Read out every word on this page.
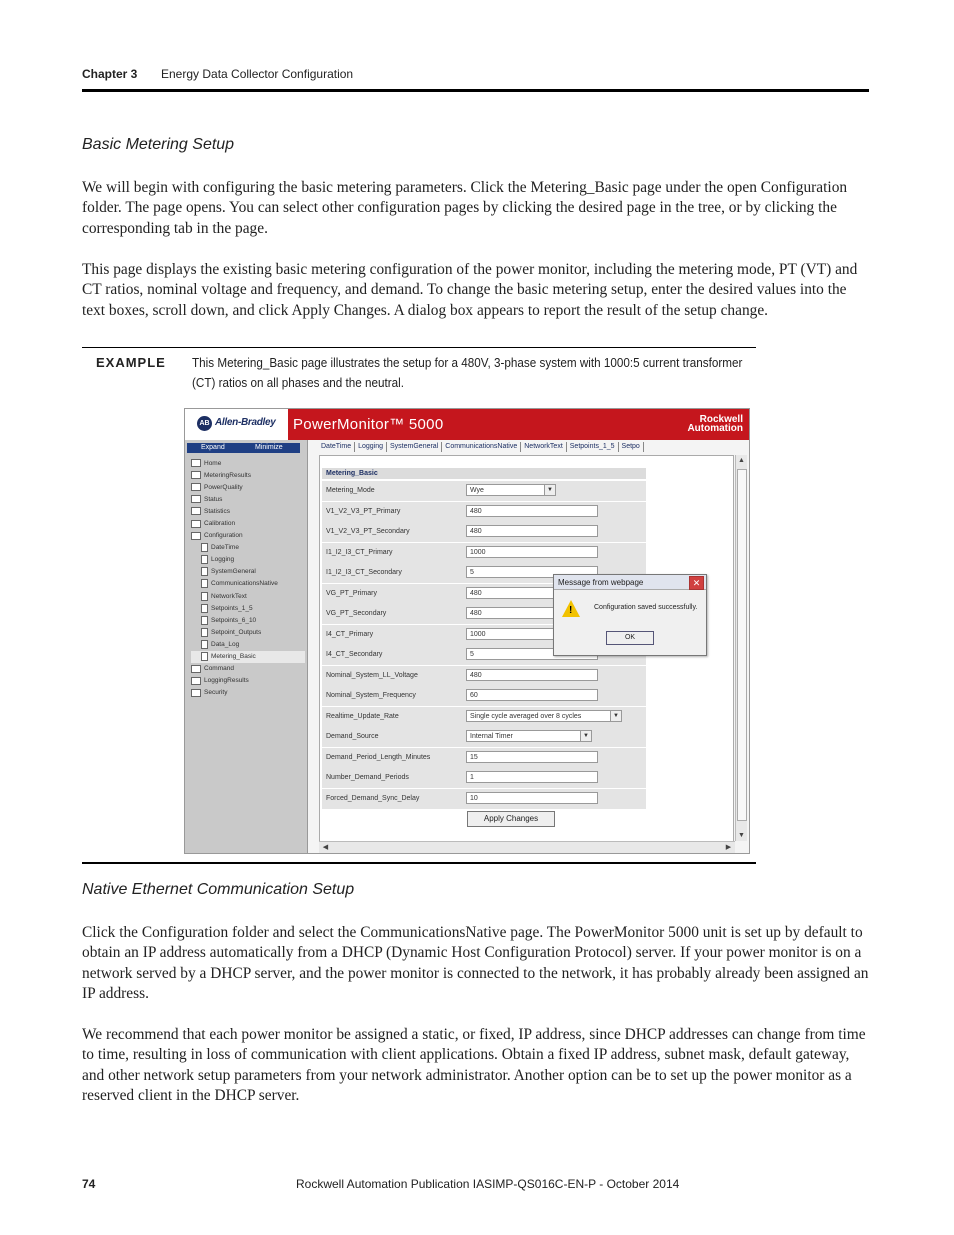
Chapter 3 Energy Data Collector Configuration
Basic Metering Setup
We will begin with configuring the basic metering parameters. Click the Metering_Basic page under the open Configuration folder. The page opens. You can select other configuration pages by clicking the desired page in the tree, or by clicking the corresponding tab in the page.
This page displays the existing basic metering configuration of the power monitor, including the metering mode, PT (VT) and CT ratios, nominal voltage and frequency, and demand. To change the basic metering setup, enter the desired values into the text boxes, scroll down, and click Apply Changes. A dialog box appears to report the result of the setup change.
EXAMPLE This Metering_Basic page illustrates the setup for a 480V, 3-phase system with 1000:5 current transformer
(CT) ratios on all phases and the neutral.
AB Allen-Bradley PowerMonitor™ 5000	Rockwell
Automation
Expand	Minimize
Home
MeteringResults
PowerQuality
Status
Statistics
Calibration
Configuration
DateTime
Logging
SystemGeneral
CommunicationsNative
NetworkText
Setpoints_1_5
Setpoints_6_10
Setpoint_Outputs
Data_Log
Metering_Basic
Command
LoggingResults
Security
DateTime Logging SystemGeneral CommunicationsNative NetworkText Setpoints_1_5 Setpo
Metering_Basic
Metering_Mode	Wye	▼
V1_V2_V3_PT_Primary	480
V1_V2_V3_PT_Secondary	480
I1_I2_I3_CT_Primary	1000
I1_I2_I3_CT_Secondary	5
VG_PT_Primary	480
VG_PT_Secondary	480
I4_CT_Primary	1000
I4_CT_Secondary	5
Nominal_System_LL_Voltage	480
Nominal_System_Frequency	60
Realtime_Update_Rate	Single cycle averaged over 8 cycles	▼
Demand_Source	Internal Timer	▼
Demand_Period_Length_Minutes	15
Number_Demand_Periods	1
Forced_Demand_Sync_Delay	10
Apply Changes
▲
▼
◀	▶
Message from webpage	✕
!	Configuration saved successfully.
OK
Native Ethernet Communication Setup
Click the Configuration folder and select the CommunicationsNative page. The PowerMonitor 5000 unit is set up by default to obtain an IP address automatically from a DHCP (Dynamic Host Configuration Protocol) server. If your power monitor is on a network served by a DHCP server, and the power monitor is connected to the network, it has probably already been assigned an IP address.
We recommend that each power monitor be assigned a static, or fixed, IP address, since DHCP addresses can change from time to time, resulting in loss of communication with client applications. Obtain a fixed IP address, subnet mask, default gateway, and other network setup parameters from your network administrator. Another option can be to set up the power monitor as a reserved client in the DHCP server.
74	Rockwell Automation Publication IASIMP-QS016C-EN-P - October 2014
